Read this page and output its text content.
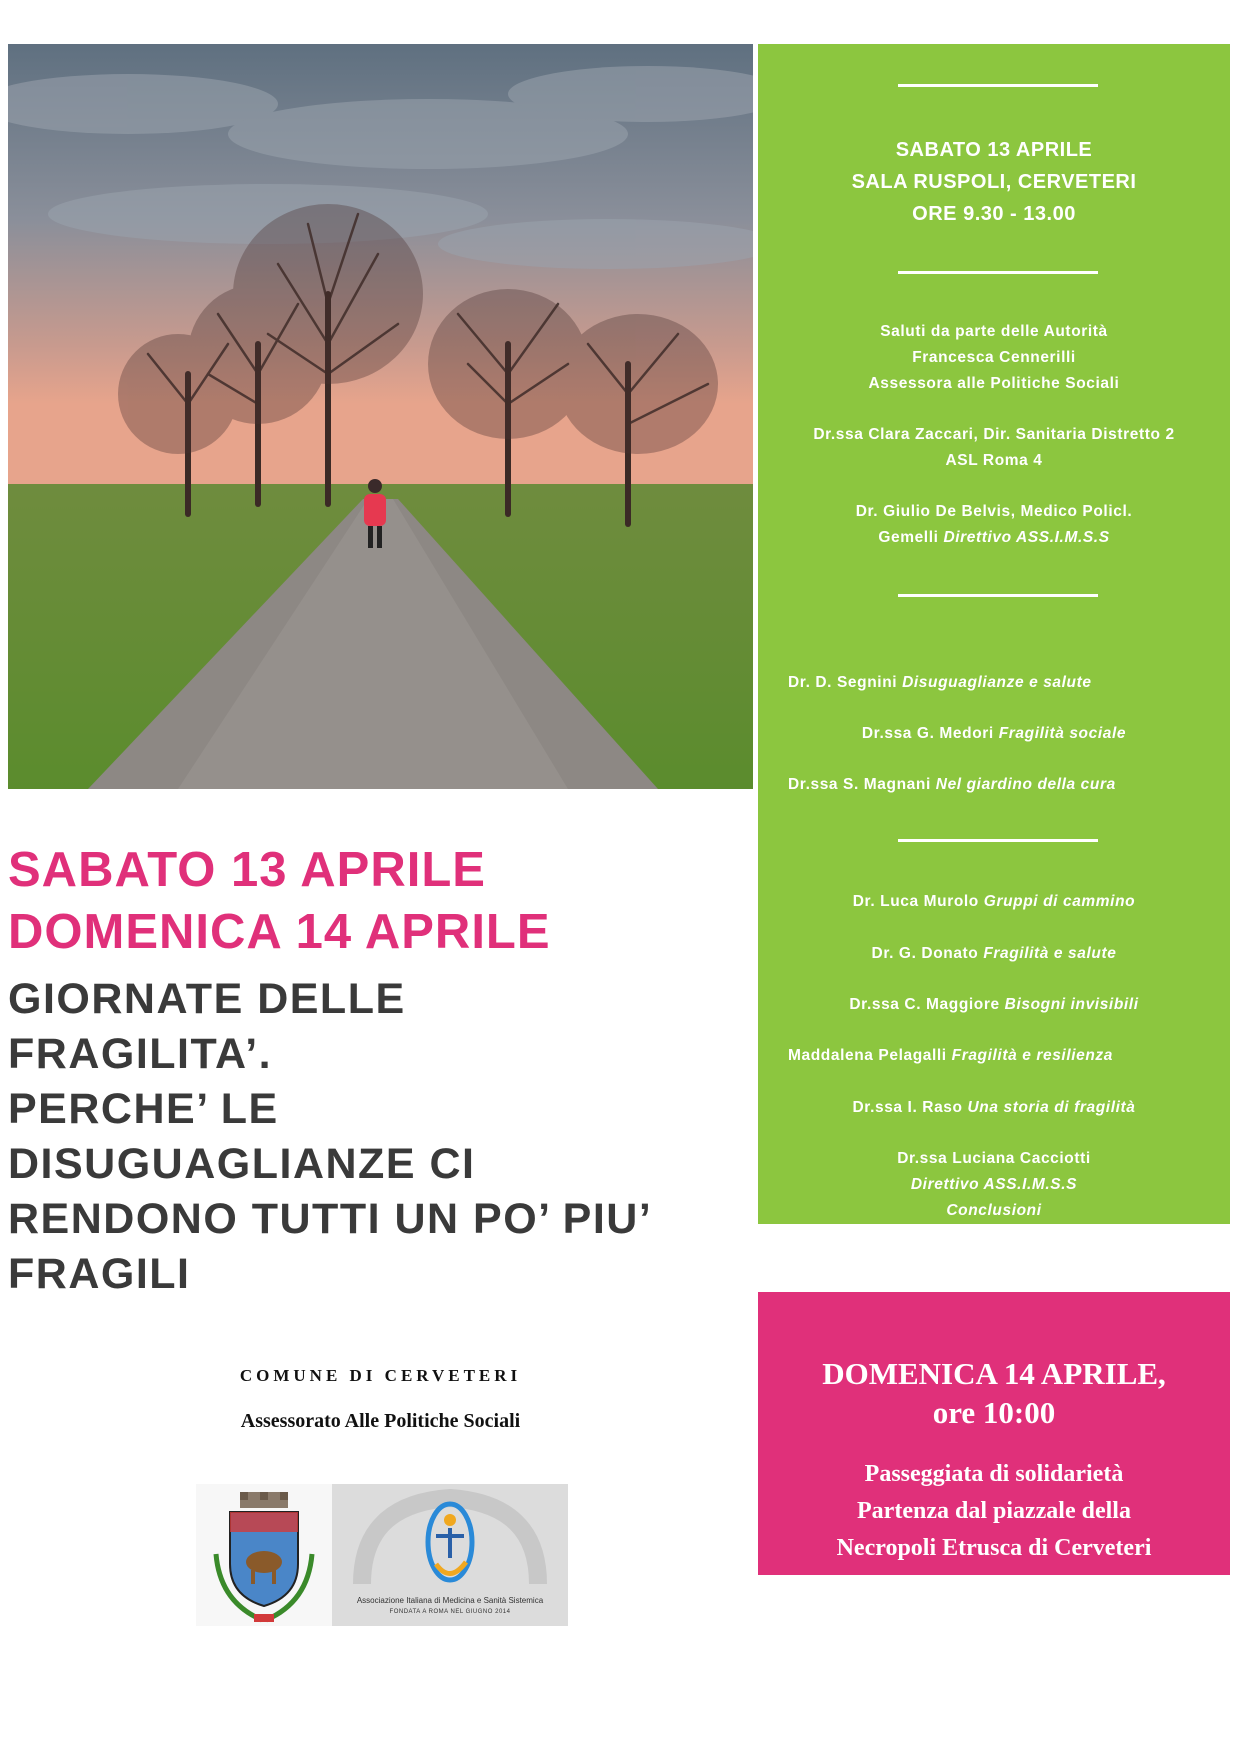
SABATO 13 APRILE
SALA RUSPOLI, CERVETERI
ORE 9.30 - 13.00
Saluti da parte delle Autorità
Francesca Cennerilli
Assessora alle Politiche Sociali
Dr.ssa Clara Zaccari, Dir. Sanitaria Distretto 2
ASL Roma 4
Dr. Giulio De Belvis, Medico Policl.
Gemelli Direttivo ASS.I.M.S.S
Dr. D. Segnini Disuguaglianze e salute
Dr.ssa G. Medori Fragilità sociale
Dr.ssa S. Magnani Nel giardino della cura
Dr. Luca Murolo Gruppi di cammino
Dr. G. Donato Fragilità e salute
Dr.ssa C. Maggiore Bisogni invisibili
Maddalena Pelagalli Fragilità e resilienza
Dr.ssa I. Raso Una storia di fragilità
Dr.ssa Luciana Cacciotti
Direttivo ASS.I.M.S.S
Conclusioni
SABATO 13 APRILE
DOMENICA 14 APRILE
GIORNATE DELLE
FRAGILITA’.
PERCHE’ LE
DISUGUAGLIANZE CI
RENDONO TUTTI UN PO’ PIU’
FRAGILI
COMUNE DI CERVETERI
Assessorato Alle Politiche Sociali
Associazione Italiana di Medicina e Sanità Sistemica
FONDATA A ROMA NEL GIUGNO 2014
DOMENICA 14 APRILE,
ore 10:00
Passeggiata di solidarietà
Partenza dal piazzale della
Necropoli Etrusca di Cerveteri
